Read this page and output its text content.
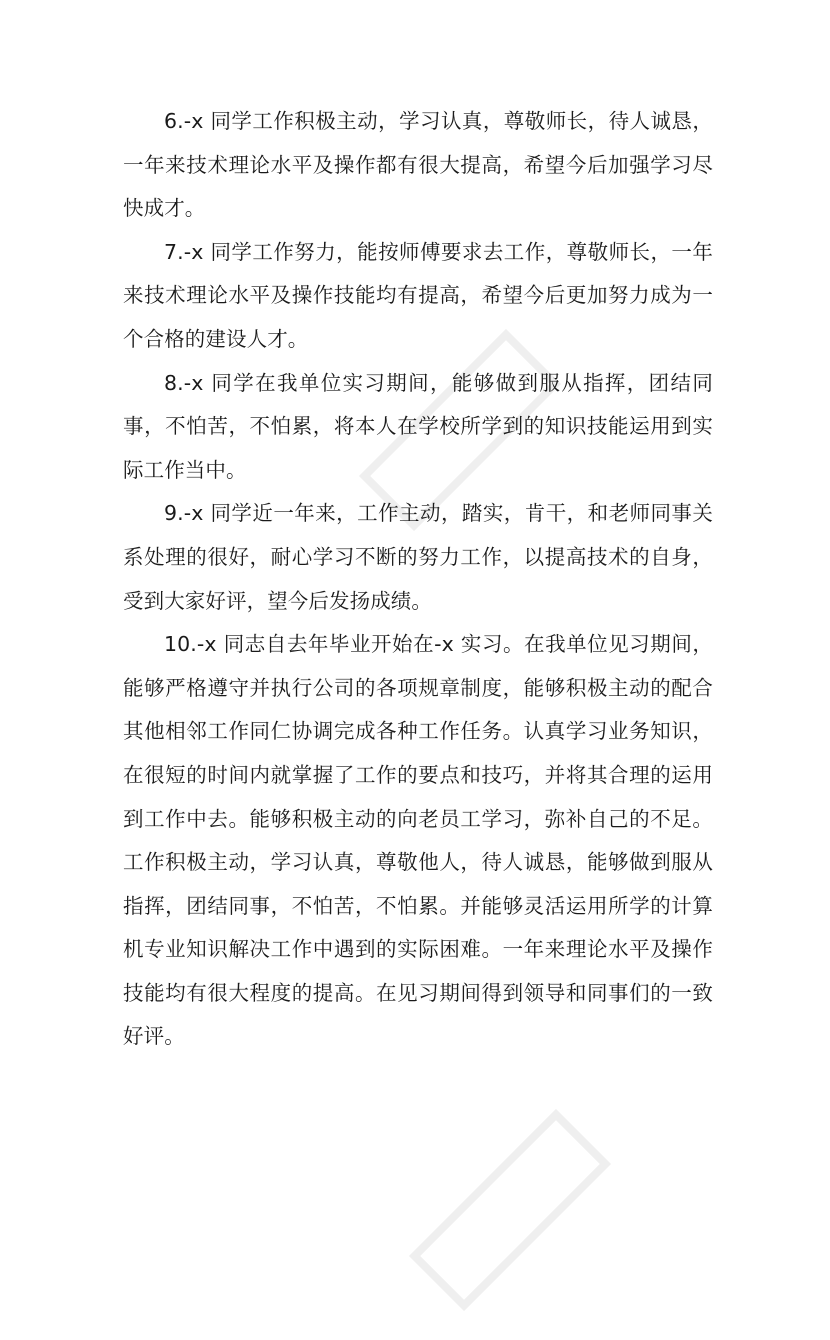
6.-x 同学工作积极主动，学习认真，尊敬师长，待人诚恳，一年来技术理论水平及操作都有很大提高，希望今后加强学习尽快成才。

7.-x 同学工作努力，能按师傅要求去工作，尊敬师长，一年来技术理论水平及操作技能均有提高，希望今后更加努力成为一个合格的建设人才。

8.-x 同学在我单位实习期间，能够做到服从指挥，团结同事，不怕苦，不怕累，将本人在学校所学到的知识技能运用到实际工作当中。

9.-x 同学近一年来，工作主动，踏实，肯干，和老师同事关系处理的很好，耐心学习不断的努力工作，以提高技术的自身，受到大家好评，望今后发扬成绩。

10.-x 同志自去年毕业开始在-x 实习。在我单位见习期间，能够严格遵守并执行公司的各项规章制度，能够积极主动的配合其他相邻工作同仁协调完成各种工作任务。认真学习业务知识，在很短的时间内就掌握了工作的要点和技巧，并将其合理的运用到工作中去。能够积极主动的向老员工学习，弥补自己的不足。工作积极主动，学习认真，尊敬他人，待人诚恳，能够做到服从指挥，团结同事，不怕苦，不怕累。并能够灵活运用所学的计算机专业知识解决工作中遇到的实际困难。一年来理论水平及操作技能均有很大程度的提高。在见习期间得到领导和同事们的一致好评。
